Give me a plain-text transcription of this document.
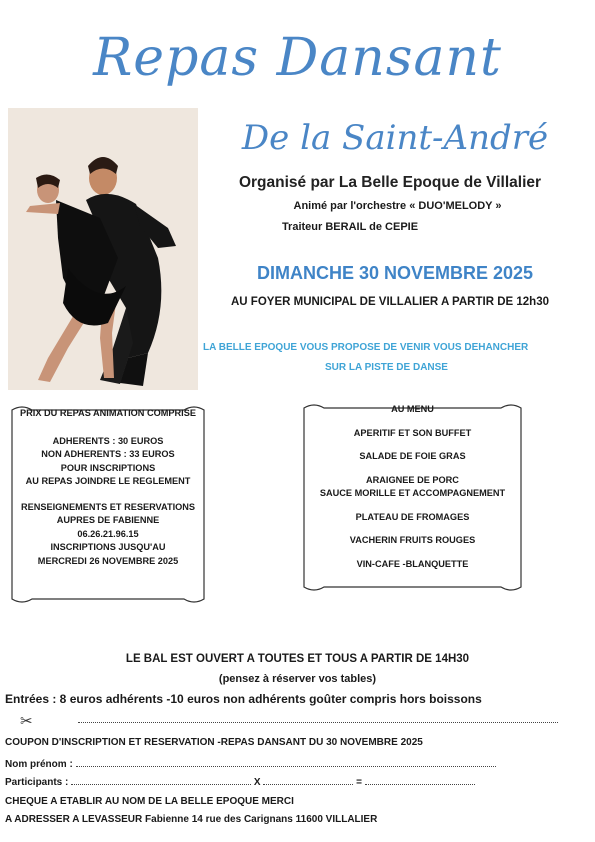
Repas Dansant
De la Saint-André
Organisé par La Belle Epoque de Villalier
Animé par l'orchestre « DUO'MELODY »
Traiteur BERAIL de CEPIE
DIMANCHE 30 NOVEMBRE 2025
AU FOYER MUNICIPAL DE VILLALIER A PARTIR DE 12h30
LA BELLE EPOQUE VOUS PROPOSE DE VENIR VOUS DEHANCHER
SUR LA PISTE DE DANSE
PRIX DU REPAS ANIMATION COMPRISE
ADHERENTS : 30 EUROS
NON ADHERENTS : 33 EUROS
POUR INSCRIPTIONS
AU REPAS JOINDRE LE REGLEMENT
RENSEIGNEMENTS ET RESERVATIONS
AUPRES DE FABIENNE
06.26.21.96.15
INSCRIPTIONS JUSQU'AU
MERCREDI 26 NOVEMBRE 2025
AU MENU
APERITIF ET SON BUFFET
SALADE DE FOIE GRAS
ARAIGNEE DE PORC
SAUCE MORILLE ET ACCOMPAGNEMENT
PLATEAU DE FROMAGES
VACHERIN FRUITS ROUGES
VIN-CAFE -BLANQUETTE
LE BAL EST OUVERT A TOUTES ET TOUS A PARTIR DE 14H30
(pensez à réserver vos tables)
Entrées : 8 euros adhérents -10 euros non adhérents goûter compris hors boissons
✂
COUPON D'INSCRIPTION ET RESERVATION -REPAS DANSANT DU 30 NOVEMBRE 2025
Nom prénom :
Participants :	X	=
CHEQUE A ETABLIR AU NOM DE LA BELLE EPOQUE MERCI
A ADRESSER A LEVASSEUR Fabienne 14 rue des Carignans 11600 VILLALIER
